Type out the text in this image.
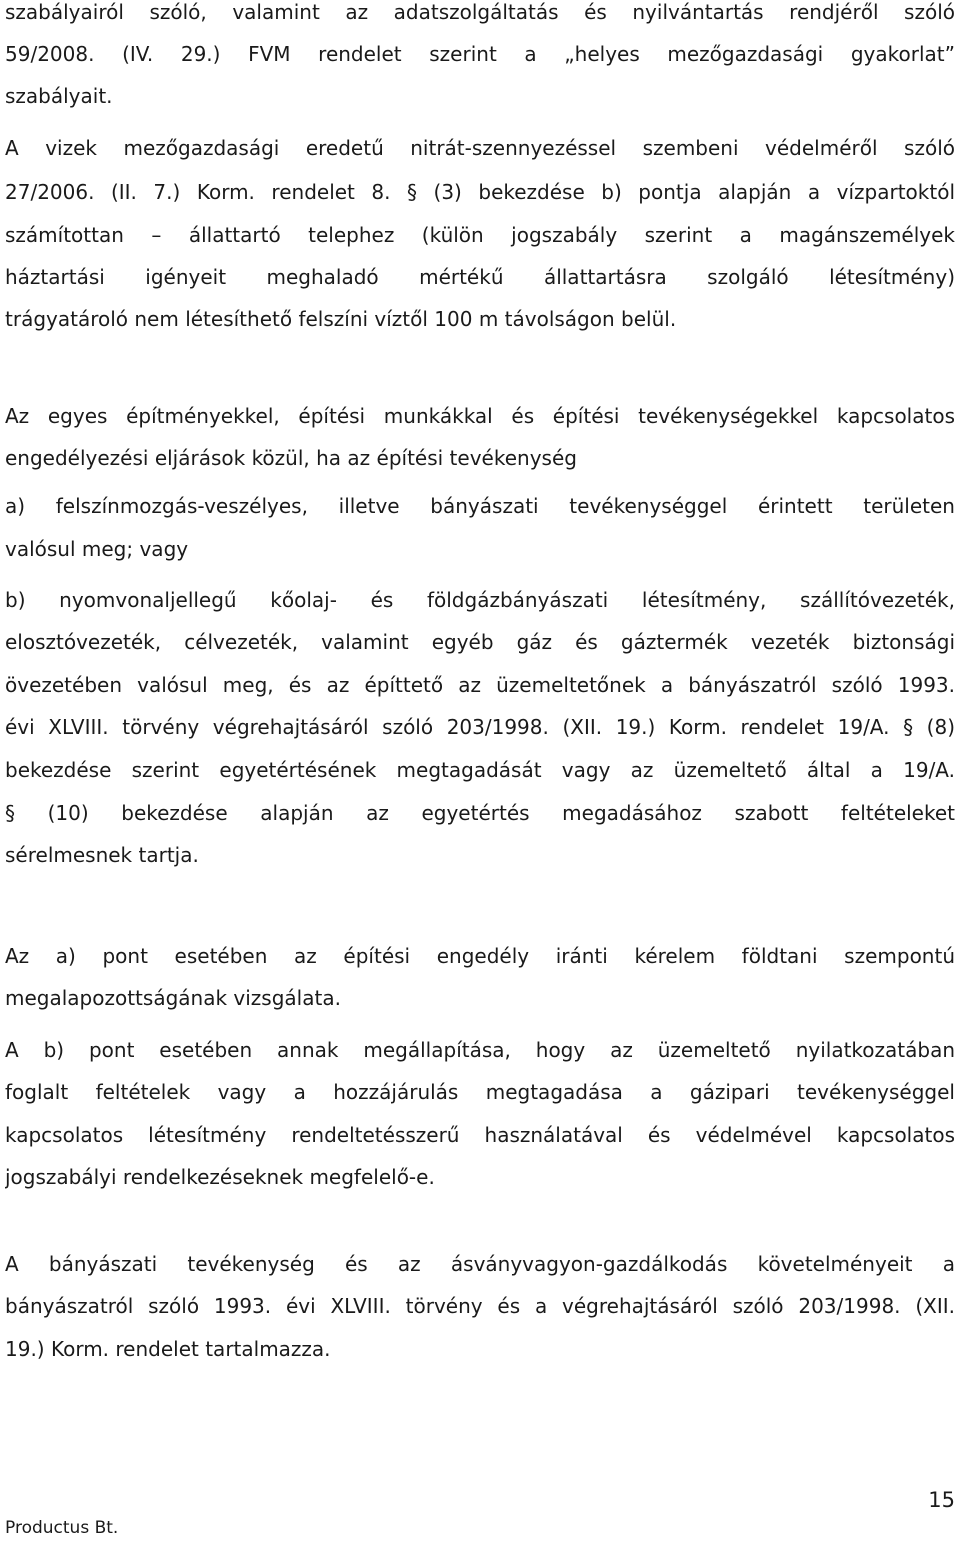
szabályairól szóló, valamint az adatszolgáltatás és nyilvántartás rendjéről szóló
59/2008. (IV. 29.) FVM rendelet szerint a „helyes mezőgazdasági gyakorlat”
szabályait.
A vizek mezőgazdasági eredetű nitrát-szennyezéssel szembeni védelméről szóló
27/2006. (II. 7.) Korm. rendelet 8. § (3) bekezdése b) pontja alapján a vízpartoktól
számítottan – állattartó telephez (külön jogszabály szerint a magánszemélyek
háztartási igényeit meghaladó mértékű állattartásra szolgáló létesítmény)
trágyatároló nem létesíthető felszíni víztől 100 m távolságon belül.
Az egyes építményekkel, építési munkákkal és építési tevékenységekkel kapcsolatos
engedélyezési eljárások közül, ha az építési tevékenység
a) felszínmozgás-veszélyes, illetve bányászati tevékenységgel érintett területen
valósul meg; vagy
b) nyomvonaljellegű kőolaj- és földgázbányászati létesítmény, szállítóvezeték,
elosztóvezeték, célvezeték, valamint egyéb gáz és gáztermék vezeték biztonsági
övezetében valósul meg, és az építtető az üzemeltetőnek a bányászatról szóló 1993.
évi XLVIII. törvény végrehajtásáról szóló 203/1998. (XII. 19.) Korm. rendelet 19/A. § (8)
bekezdése szerint egyetértésének megtagadását vagy az üzemeltető által a 19/A.
§ (10) bekezdése alapján az egyetértés megadásához szabott feltételeket
sérelmesnek tartja.
Az a) pont esetében az építési engedély iránti kérelem földtani szempontú
megalapozottságának vizsgálata.
A b) pont esetében annak megállapítása, hogy az üzemeltető nyilatkozatában
foglalt feltételek vagy a hozzájárulás megtagadása a gázipari tevékenységgel
kapcsolatos létesítmény rendeltetésszerű használatával és védelmével kapcsolatos
jogszabályi rendelkezéseknek megfelelő-e.
A bányászati tevékenység és az ásványvagyon-gazdálkodás követelményeit a
bányászatról szóló 1993. évi XLVIII. törvény és a végrehajtásáról szóló 203/1998. (XII.
19.) Korm. rendelet tartalmazza.
15
Productus Bt.
